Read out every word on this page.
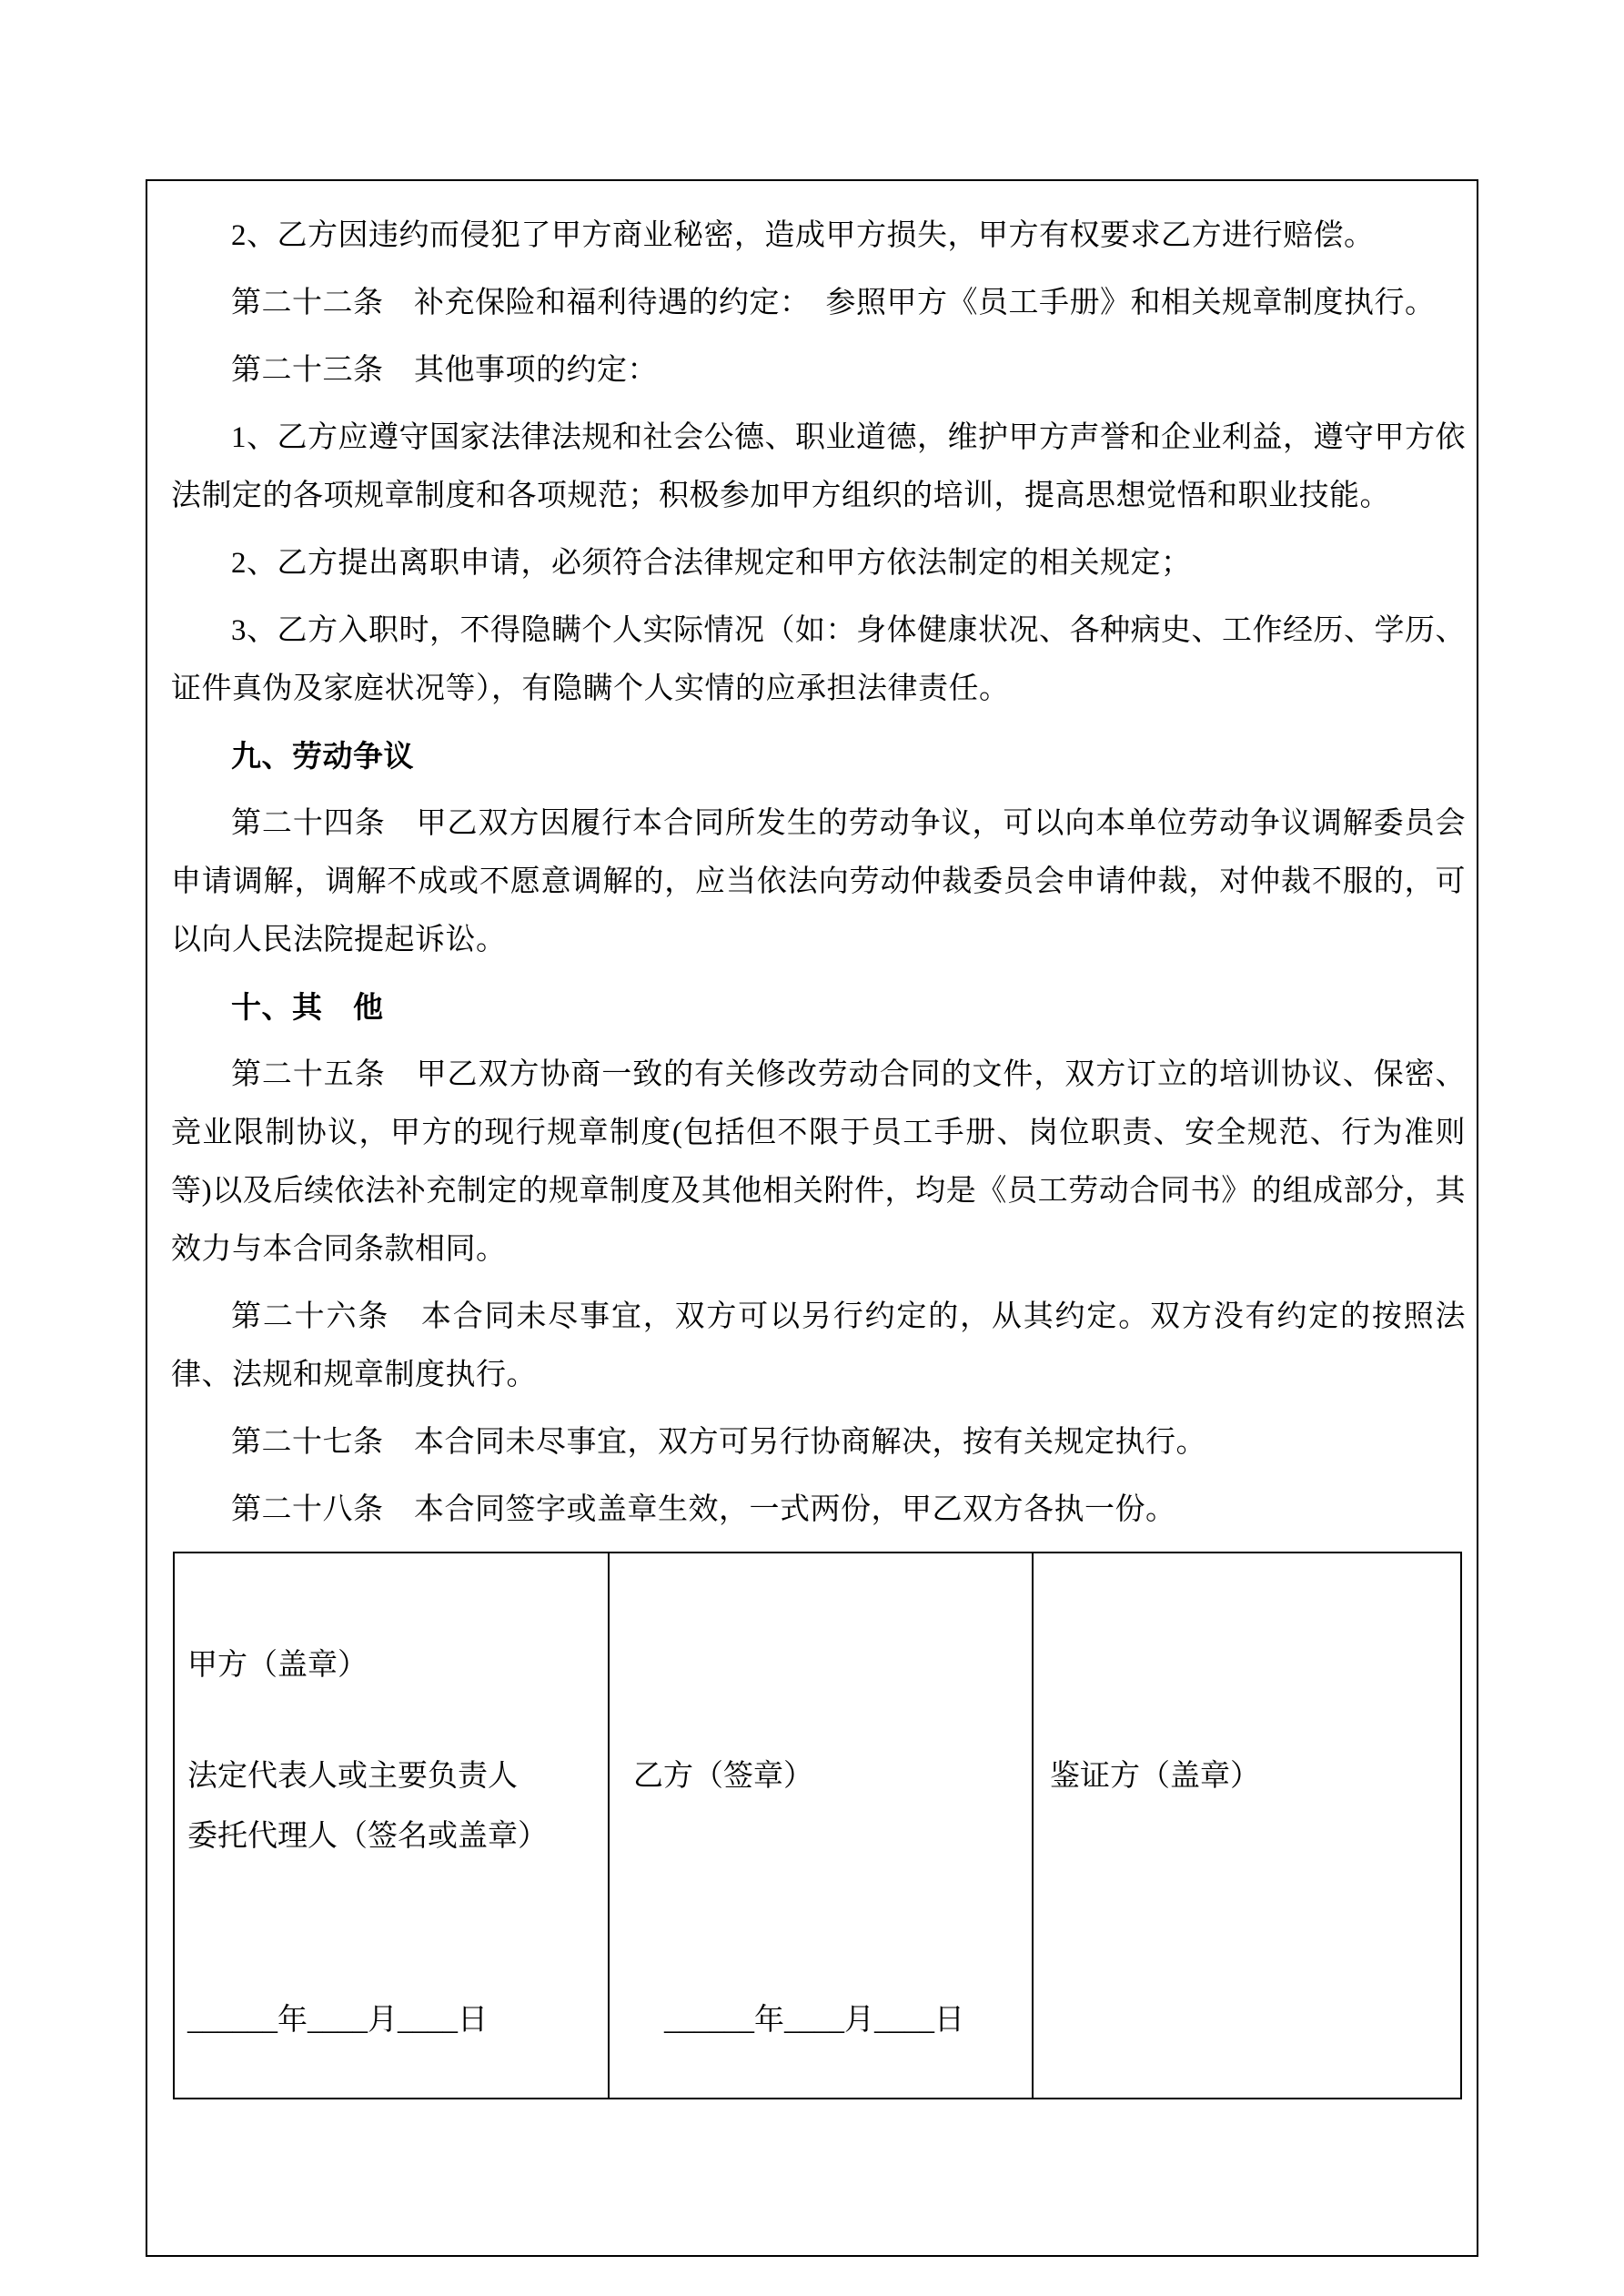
2、乙方因违约而侵犯了甲方商业秘密，造成甲方损失，甲方有权要求乙方进行赔偿。

第二十二条　补充保险和福利待遇的约定：　参照甲方《员工手册》和相关规章制度执行。

第二十三条　其他事项的约定：

1、乙方应遵守国家法律法规和社会公德、职业道德，维护甲方声誉和企业利益，遵守甲方依法制定的各项规章制度和各项规范；积极参加甲方组织的培训，提高思想觉悟和职业技能。

2、乙方提出离职申请，必须符合法律规定和甲方依法制定的相关规定；

3、乙方入职时，不得隐瞒个人实际情况（如：身体健康状况、各种病史、工作经历、学历、证件真伪及家庭状况等），有隐瞒个人实情的应承担法律责任。

九、劳动争议

第二十四条　甲乙双方因履行本合同所发生的劳动争议，可以向本单位劳动争议调解委员会申请调解，调解不成或不愿意调解的，应当依法向劳动仲裁委员会申请仲裁，对仲裁不服的，可以向人民法院提起诉讼。

十、其　他

第二十五条　甲乙双方协商一致的有关修改劳动合同的文件，双方订立的培训协议、保密、竞业限制协议，甲方的现行规章制度(包括但不限于员工手册、岗位职责、安全规范、行为准则等)以及后续依法补充制定的规章制度及其他相关附件，均是《员工劳动合同书》的组成部分，其效力与本合同条款相同。

第二十六条　本合同未尽事宜，双方可以另行约定的，从其约定。双方没有约定的按照法律、法规和规章制度执行。

第二十七条　本合同未尽事宜，双方可另行协商解决，按有关规定执行。

第二十八条　本合同签字或盖章生效，一式两份，甲乙双方各执一份。

甲方（盖章）
法定代表人或主要负责人
委托代理人（签名或盖章）
______年____月____日
乙方（签章）
______年____月____日
鉴证方（盖章）
